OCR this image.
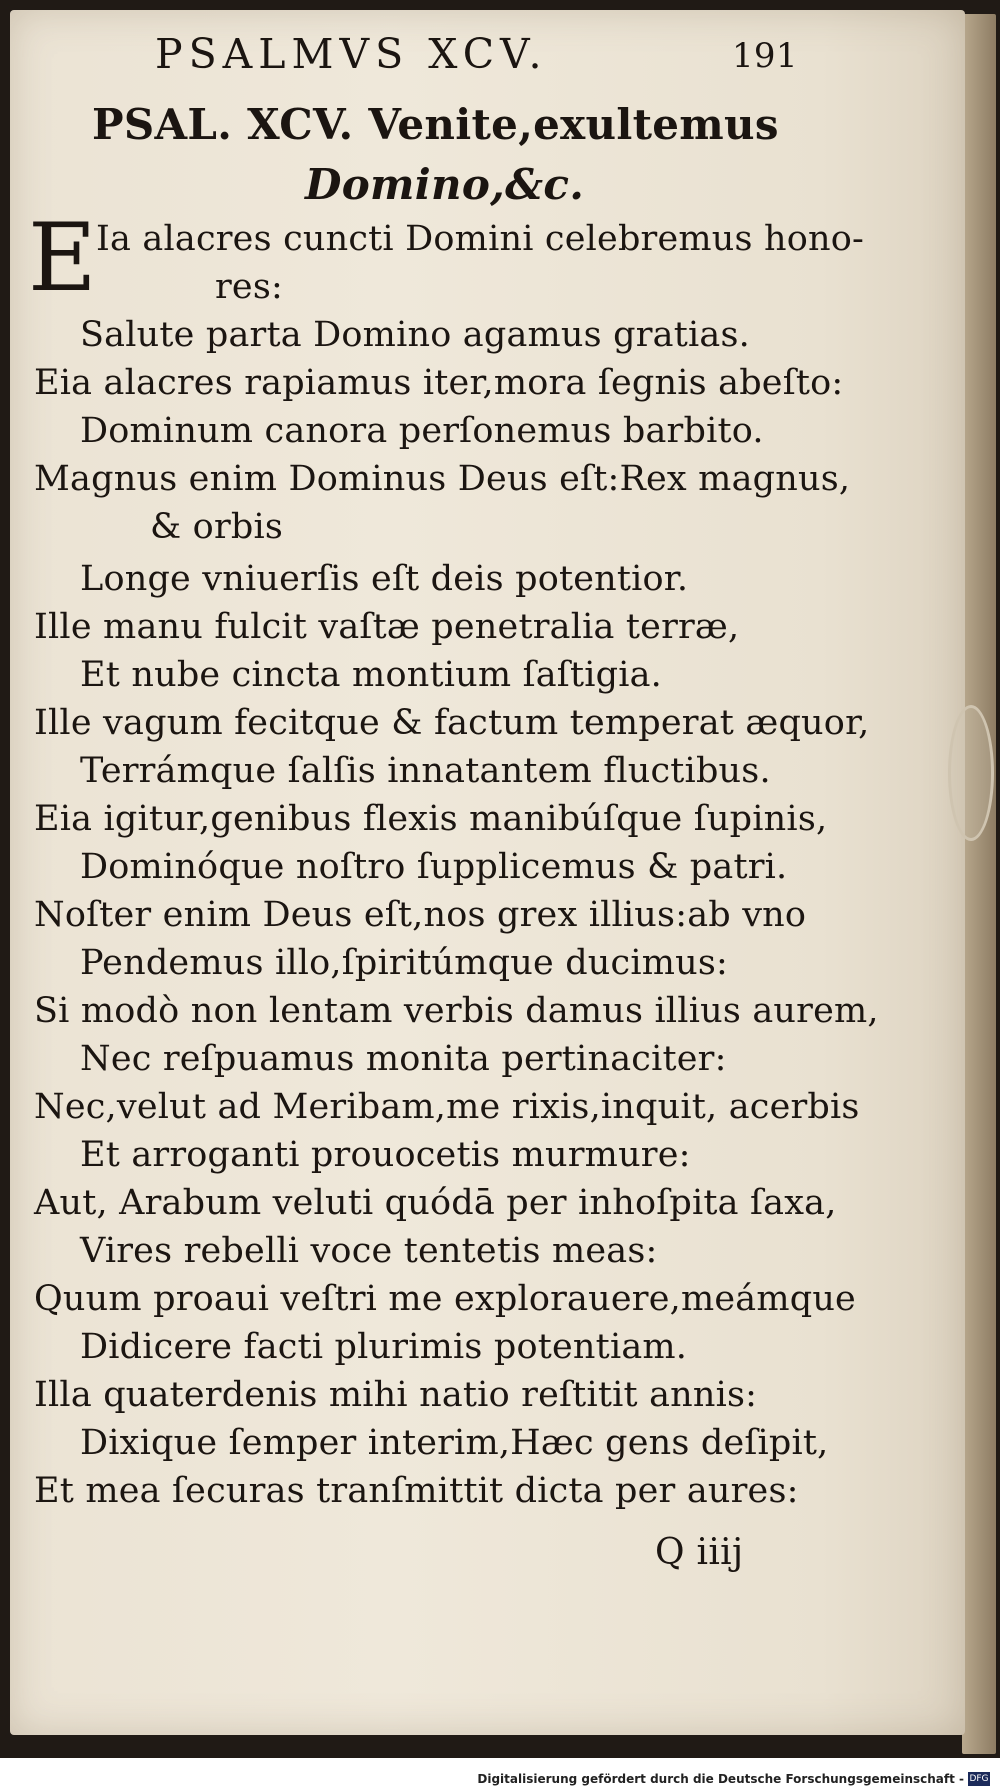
PSALMVS XCV.	191
PSAL. XCV. Venite,exultemus
Domino,&c.
E Ia alacres cuncti Domini celebremus hono-
res:
Salute parta Domino agamus gratias.
Eia alacres rapiamus iter,mora ſegnis abeſto:
Dominum canora perſonemus barbito.
Magnus enim Dominus Deus eſt:Rex magnus,
& orbis
Longe vniuerſis eſt deis potentior.
Ille manu fulcit vaſtæ penetralia terræ,
Et nube cincta montium ſaſtigia.
Ille vagum fecitque & factum temperat æquor,
Terrámque ſalſis innatantem fluctibus.
Eia igitur,genibus flexis manibúſque ſupinis,
Dominóque noſtro ſupplicemus & patri.
Noſter enim Deus eſt,nos grex illius:ab vno
Pendemus illo,ſpiritúmque ducimus:
Si modò non lentam verbis damus illius aurem,
Nec reſpuamus monita pertinaciter:
Nec,velut ad Meribam,me rixis,inquit, acerbis
Et arroganti prouocetis murmure:
Aut, Arabum veluti quódā per inhoſpita ſaxa,
Vires rebelli voce tentetis meas:
Quum proaui veſtri me explorauere,meámque
Didicere facti plurimis potentiam.
Illa quaterdenis mihi natio reſtitit annis:
Dixique ſemper interim,Hæc gens deſipit,
Et mea ſecuras tranſmittit dicta per aures:
Q iiij
Digitalisierung gefördert durch die Deutsche Forschungsgemeinschaft - DFG
